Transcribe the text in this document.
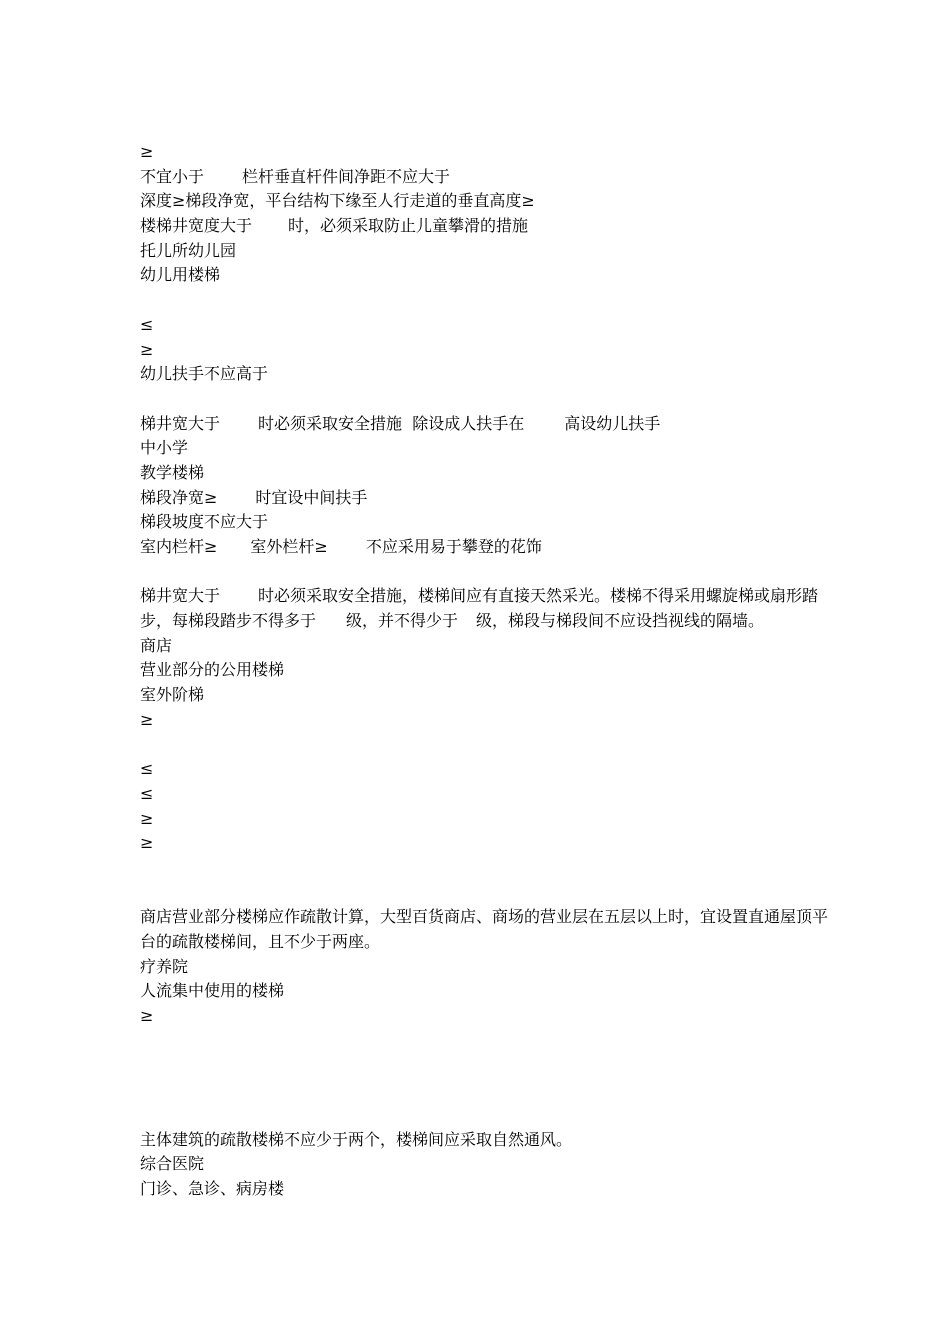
≥
不宜小于 栏杆垂直杆件间净距不应大于
深度≥梯段净宽，平台结构下缘至人行走道的垂直高度≥
楼梯井宽度大于 时，必须采取防止儿童攀滑的措施
托儿所幼儿园
幼儿用楼梯
≤
≥
幼儿扶手不应高于
梯井宽大于 时必须采取安全措施  除设成人扶手在	高设幼儿扶手
中小学
教学楼梯
梯段净宽≥ 时宜设中间扶手
梯段坡度不应大于
室内栏杆≥ 室外栏杆≥ 不应采用易于攀登的花饰
梯井宽大于 时必须采取安全措施，楼梯间应有直接天然采光。楼梯不得采用螺旋梯或扇形踏步，每梯段踏步不得多于 级，并不得少于 级，梯段与梯段间不应设挡视线的隔墙。
商店
营业部分的公用楼梯
室外阶梯
≥
≤
≤
≥
≥
商店营业部分楼梯应作疏散计算，大型百货商店、商场的营业层在五层以上时，宜设置直通屋顶平台的疏散楼梯间，且不少于两座。
疗养院
人流集中使用的楼梯
≥
主体建筑的疏散楼梯不应少于两个，楼梯间应采取自然通风。
综合医院
门诊、急诊、病房楼
